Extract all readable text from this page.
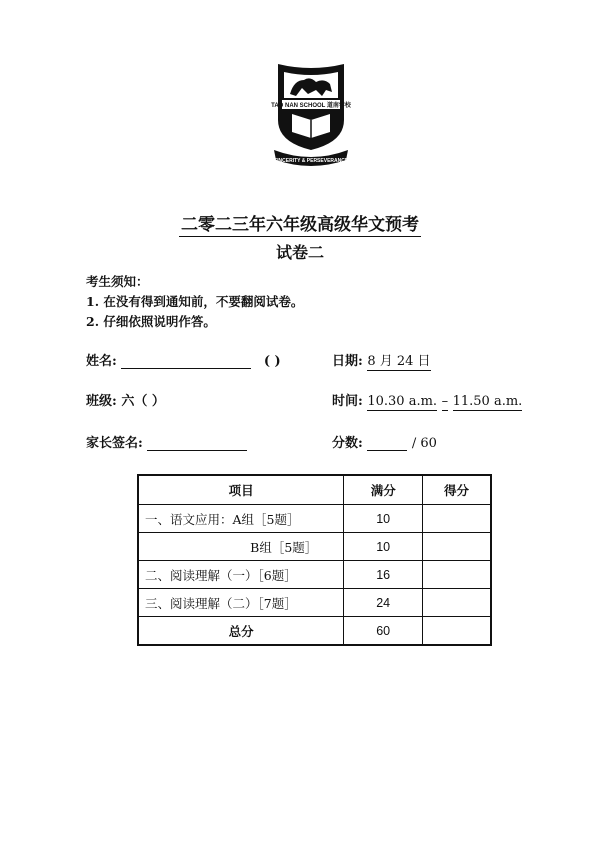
TAO NAN SCHOOL 道南学校
SINCERITY & PERSEVERANCE
二零二三年六年级高级华文预考
试卷二
考生须知：
1. 在没有得到通知前，不要翻阅试卷。
2. 仔细依照说明作答。
姓名:	( )	日期: 8 月 24 日
班级: 六（ ）	时间: 10.30 a.m. – 11.50 a.m.
家长签名:	分数:	/ 60
项目	满分	得分
一、语文应用：A组［5题］	10	
B组［5题］	10	
二、阅读理解（一）［6题］	16	
三、阅读理解（二）［7题］	24	
总分	60	
